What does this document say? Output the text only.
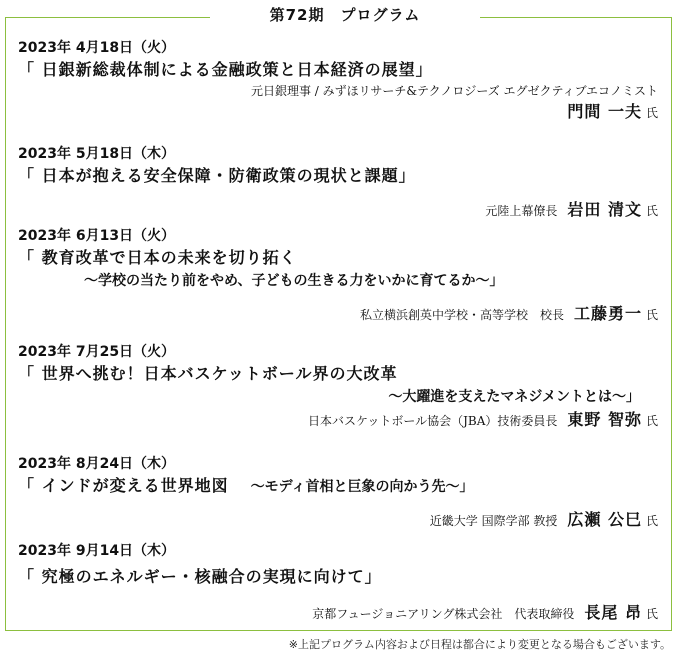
第72期　プログラム
2023年 4月18日（火）
「 日銀新総裁体制による金融政策と日本経済の展望」
元日銀理事 / みずほリサーチ&テクノロジーズ エグゼクティブエコノミスト
門間 一夫 氏
2023年 5月18日（木）
「 日本が抱える安全保障・防衛政策の現状と課題」
元陸上幕僚長 岩田 清文 氏
2023年 6月13日（火）
「 教育改革で日本の未来を切り拓く
～学校の当たり前をやめ、子どもの生きる力をいかに育てるか～」
私立横浜創英中学校・高等学校　校長 工藤勇一 氏
2023年 7月25日（火）
「 世界へ挑む！日本バスケットボール界の大改革
～大躍進を支えたマネジメントとは～」
日本バスケットボール協会（JBA）技術委員長 東野 智弥 氏
2023年 8月24日（木）
「 インドが変える世界地図 ～モディ首相と巨象の向かう先～」
近畿大学 国際学部 教授 広瀬 公巳 氏
2023年 9月14日（木）
「 究極のエネルギー・核融合の実現に向けて」
京都フュージョニアリング株式会社　代表取締役 長尾 昂 氏
※上記プログラム内容および日程は都合により変更となる場合もございます。
